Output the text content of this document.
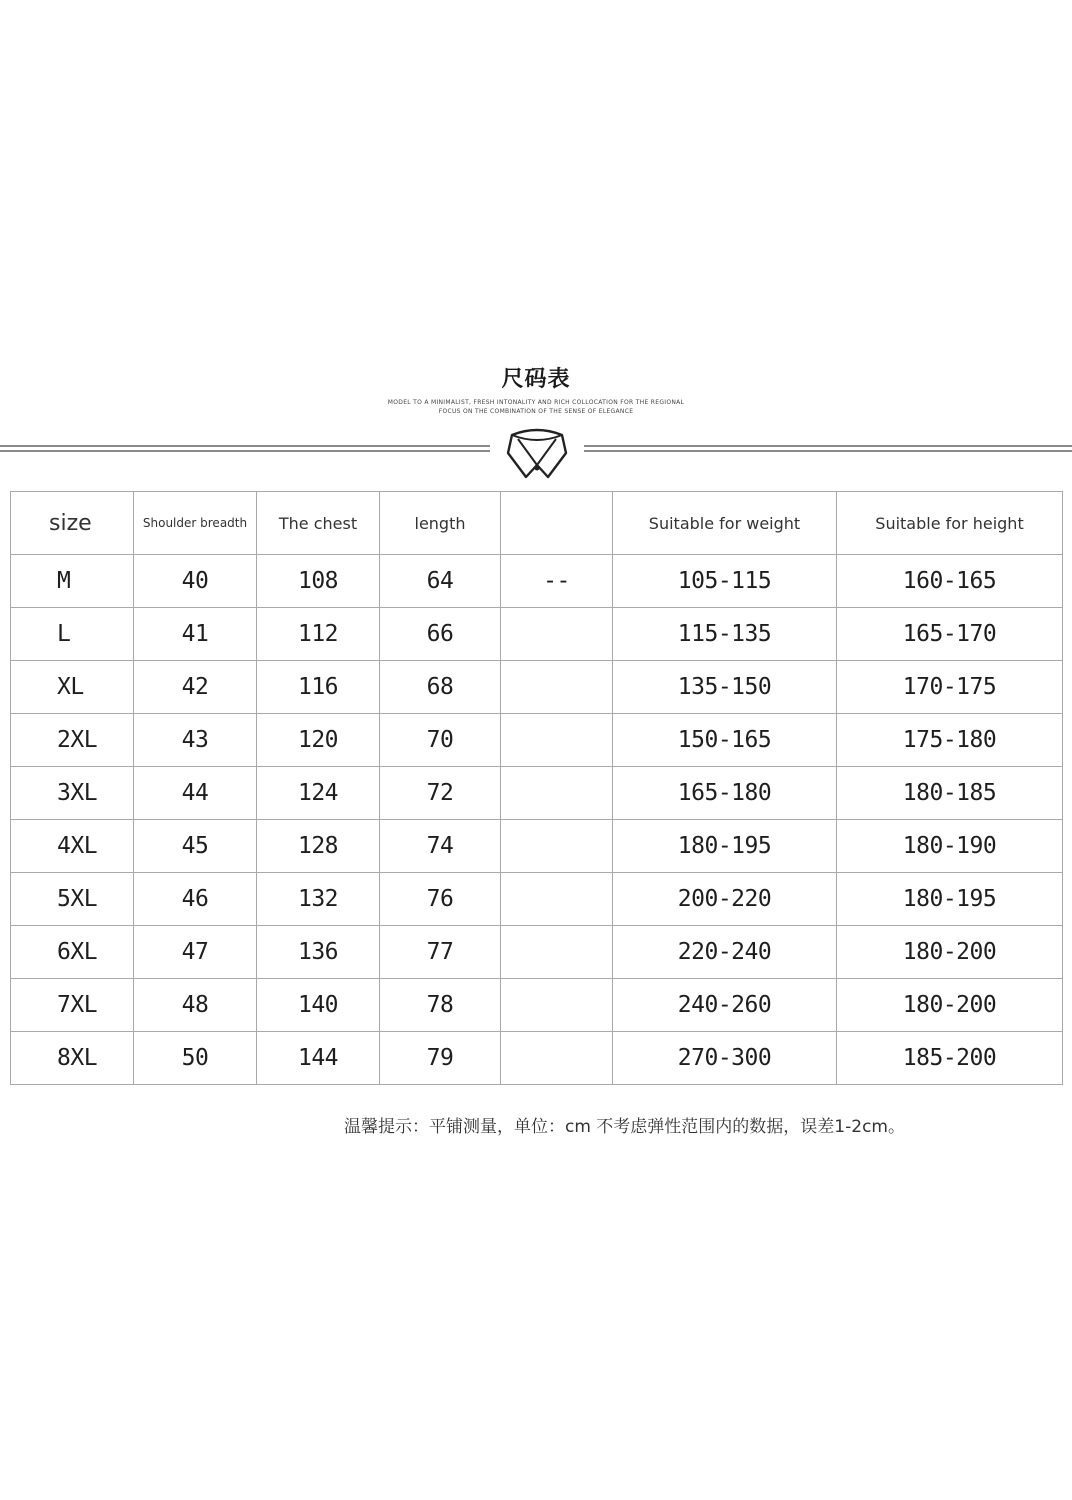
尺码表
MODEL TO A MINIMALIST, FRESH INTONALITY AND RICH COLLOCATION FOR THE REGIONAL
FOCUS ON THE COMBINATION OF THE SENSE OF ELEGANCE
size	Shoulder breadth	The chest	length		Suitable for weight	Suitable for height
M	40	108	64	--	105-115	160-165
L	41	112	66		115-135	165-170
XL	42	116	68		135-150	170-175
2XL	43	120	70		150-165	175-180
3XL	44	124	72		165-180	180-185
4XL	45	128	74		180-195	180-190
5XL	46	132	76		200-220	180-195
6XL	47	136	77		220-240	180-200
7XL	48	140	78		240-260	180-200
8XL	50	144	79		270-300	185-200
温馨提示：平铺测量，单位：cm 不考虑弹性范围内的数据，误差1-2cm。
